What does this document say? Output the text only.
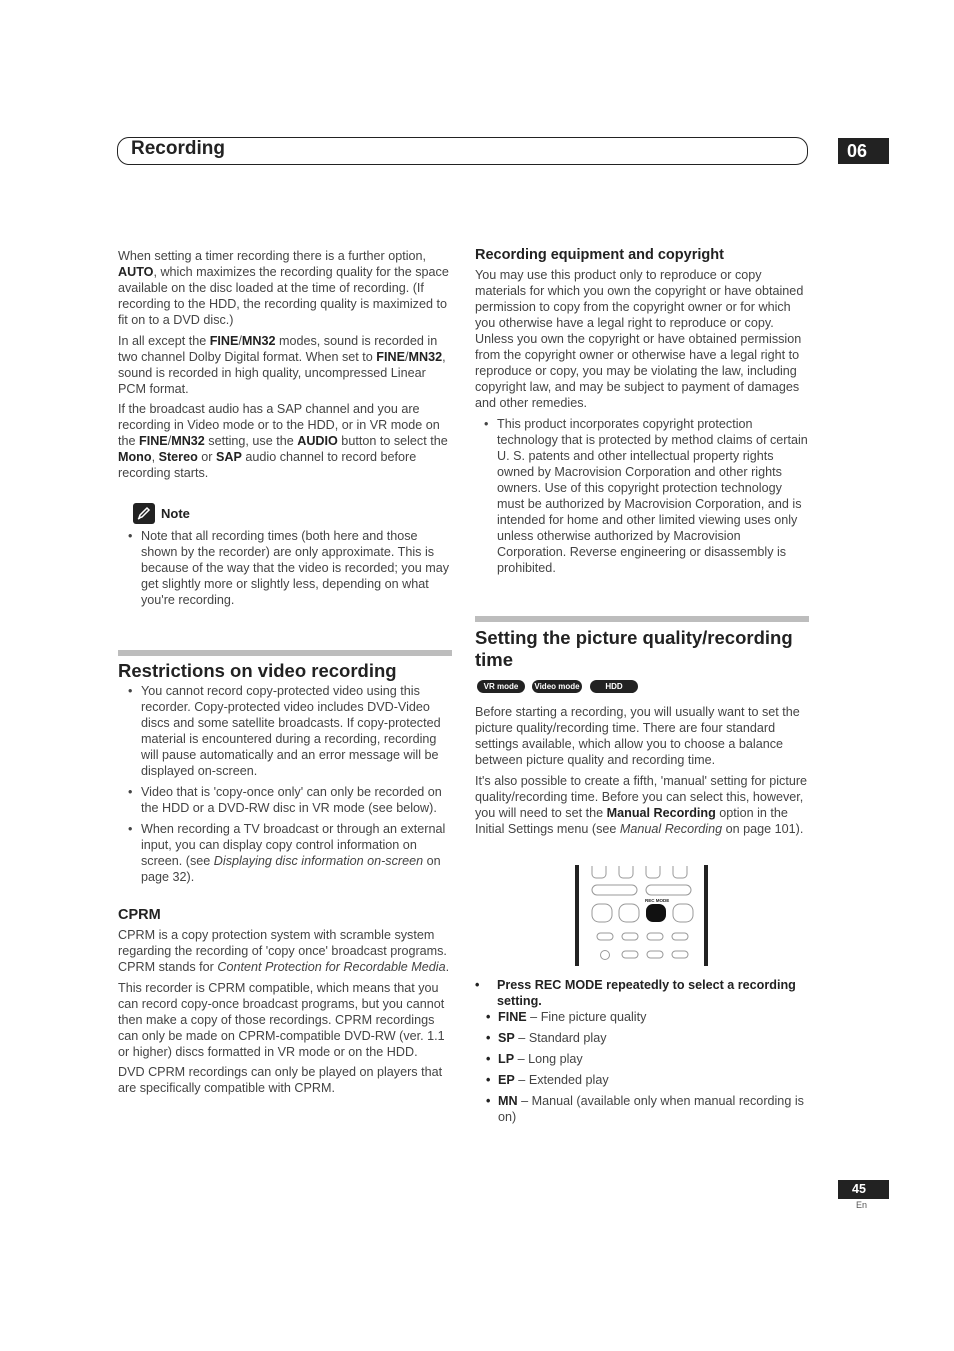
Recording	06

When setting a timer recording there is a further option, AUTO, which maximizes the recording quality for the space available on the disc loaded at the time of recording. (If recording to the HDD, the recording quality is maximized to fit on to a DVD disc.)

In all except the FINE/MN32 modes, sound is recorded in two channel Dolby Digital format. When set to FINE/MN32, sound is recorded in high quality, uncompressed Linear PCM format.

If the broadcast audio has a SAP channel and you are recording in Video mode or to the HDD, or in VR mode on the FINE/MN32 setting, use the AUDIO button to select the Mono, Stereo or SAP audio channel to record before recording starts.

Note
• Note that all recording times (both here and those shown by the recorder) are only approximate. This is because of the way that the video is recorded; you may get slightly more or slightly less, depending on what you're recording.
Restrictions on video recording
• You cannot record copy-protected video using this recorder. Copy-protected video includes DVD-Video discs and some satellite broadcasts. If copy-protected material is encountered during a recording, recording will pause automatically and an error message will be displayed on-screen.
• Video that is 'copy-once only' can only be recorded on the HDD or a DVD-RW disc in VR mode (see below).
• When recording a TV broadcast or through an external input, you can display copy control information on screen. (see Displaying disc information on-screen on page 32).
CPRM

CPRM is a copy protection system with scramble system regarding the recording of 'copy once' broadcast programs. CPRM stands for Content Protection for Recordable Media.

This recorder is CPRM compatible, which means that you can record copy-once broadcast programs, but you cannot then make a copy of those recordings. CPRM recordings can only be made on CPRM-compatible DVD-RW (ver. 1.1 or higher) discs formatted in VR mode or on the HDD.

DVD CPRM recordings can only be played on players that are specifically compatible with CPRM.

Recording equipment and copyright

You may use this product only to reproduce or copy materials for which you own the copyright or have obtained permission to copy from the copyright owner or for which you otherwise have a legal right to reproduce or copy. Unless you own the copyright or have obtained permission from the copyright owner or otherwise have a legal right to reproduce or copy, you may be violating the law, including copyright law, and may be subject to payment of damages and other remedies.

• This product incorporates copyright protection technology that is protected by method claims of certain U. S. patents and other intellectual property rights owned by Macrovision Corporation and other rights owners. Use of this copyright protection technology must be authorized by Macrovision Corporation, and is intended for home and other limited viewing uses only unless otherwise authorized by Macrovision Corporation. Reverse engineering or disassembly is prohibited.
Setting the picture quality/recording time
VR mode	Video mode	HDD

Before starting a recording, you will usually want to set the picture quality/recording time. There are four standard settings available, which allow you to choose a balance between picture quality and recording time.

It's also possible to create a fifth, 'manual' setting for picture quality/recording time. Before you can select this, however, you will need to set the Manual Recording option in the Initial Settings menu (see Manual Recording on page 101).

REC MODE
• Press REC MODE repeatedly to select a recording setting.
• FINE – Fine picture quality
• SP – Standard play
• LP – Long play
• EP – Extended play
• MN – Manual (available only when manual recording is on)
45
En
